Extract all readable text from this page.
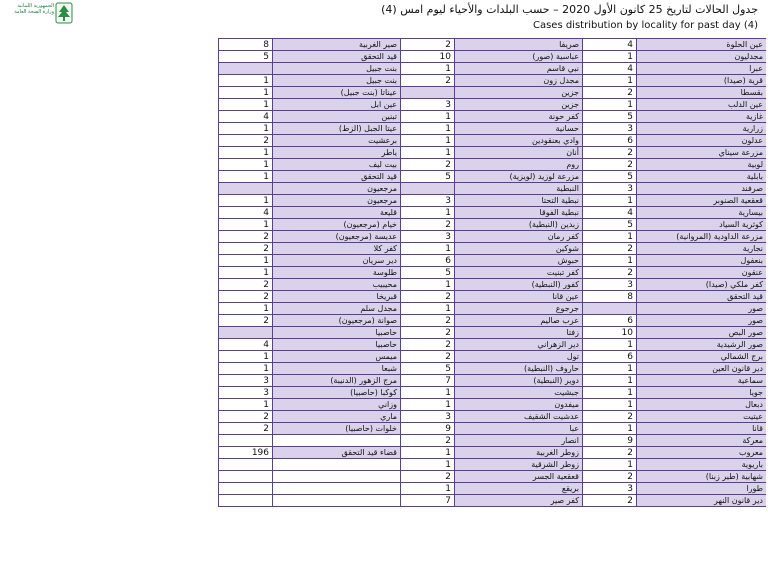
الجمهورية اللبنانية وزارة الصحة العامة	جدول الحالات لتاريخ 25 كانون الأول 2020 – حسب البلدات والأحياء ليوم امس (4)
Cases distribution by locality for past day (4)
8	صير الغربية	2	صريفا	4	عين الحلوة
5	قيد التحقق	10	عباسية (صور)	1	مجدليون
	بنت جبيل	1	نبي قاسم	4	عبرا
1	بنت جبيل	2	مجدل زون	1	قرية (صيدا)
1	عيناتا (بنت جبيل)		جزين	2	بقسطا
1	عين ابل	3	جزين	1	عين الدلب
4	تبنين	1	كفر حونة	5	غازية
1	عيتا الجبل (الزط)	1	حسانية	3	زرارية
2	برعشيت	1	وادي بعنقودين	6	عدلون
1	ياطر	1	أنان	2	مزرعة سيناي
1	بيت ليف	2	روم	2	لوبية
1	قيد التحقق	5	مزرعة لوزيد (لويزية)	5	بابلية
	مرجعيون		النبطية	3	صرفند
1	مرجعيون	3	نبطية التحتا	1	قعقعية الصنوبر
4	قليعة	1	نبطية الفوقا	4	بيسارية
1	خيام (مرجعيون)	2	زبدين (النبطية)	5	كوثرية السياد
2	عديسة (مرجعيون)	3	كفر رمان	1	مزرعة الداودية (المروانية)
2	كفر كلا	1	شوكين	2	نجارية
1	دير سريان	6	حبوش	1	بنعفول
1	طلوسة	5	كفر تبنيت	2	عنقون
2	محيبيب	1	كفور (النبطية)	3	كفر ملكي (صيدا)
2	قبريخا	2	عين قانا	8	قيد التحقق
1	مجدل سلم	1	جرجوع		صور
2	صوانة (مرجعيون)	2	عرب صاليم	6	صور
	حاصبيا	2	زفتا	10	صور البص
4	حاصبيا	2	دير الزهراني	1	صور الرشيدية
1	ميمس	2	تول	6	برج الشمالي
1	شبعا	5	حاروف (النبطية)	1	دير قانون العين
3	مرج الزهور (الدنيبة)	7	دوير (النبطية)	1	سماعية
3	كوكبا (حاصبيا)	1	جبشيت	1	جويا
1	وزاني	1	ميفدون	1	دبعال
2	ماري	3	عدشيت الشقيف	2	عيتيت
2	خلوات (حاصبيا)	9	عبا	1	قانا
		2	انصار	9	معركة
196	قضاء قيد التحقق	1	زوطر الغربية	2	معروب
		1	زوطر الشرقية	1	باريوية
		2	قعقعية الجسر	2	شهابية (طير زبنا)
		1	بريقع	3	طورا
		7	كفر صير	2	دير قانون النهر
